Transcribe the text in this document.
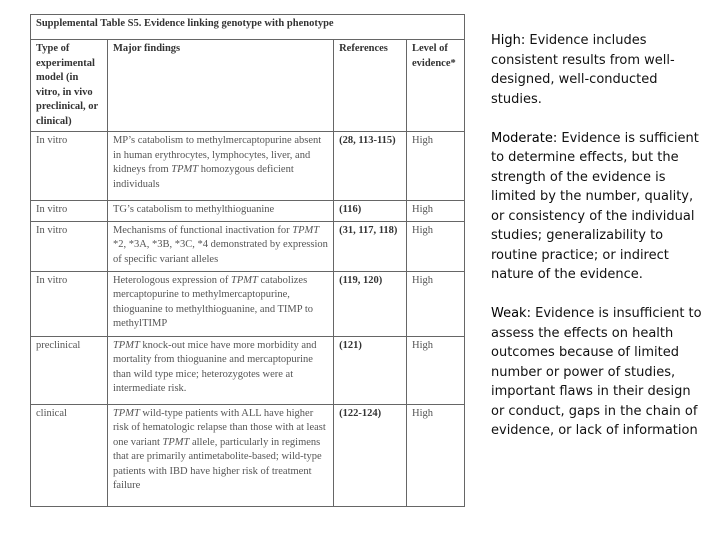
Supplemental Table S5. Evidence linking genotype with phenotype			
Type of experimental model (in vitro, in vivo preclinical, or clinical)	Major findings	References	Level of evidence*
In vitro	MP’s catabolism to methylmercaptopurine absent in human erythrocytes, lymphocytes, liver, and kidneys from TPMT homozygous deficient individuals	(28, 113-115)	High
In vitro	TG’s catabolism to methylthioguanine	(116)	High
In vitro	Mechanisms of functional inactivation for TPMT *2, *3A, *3B, *3C, *4 demonstrated by expression of specific variant alleles	(31, 117, 118)	High
In vitro	Heterologous expression of TPMT catabolizes mercaptopurine to methylmercaptopurine, thioguanine to methylthioguanine, and TIMP to methylTIMP	(119, 120)	High
preclinical	TPMT knock-out mice have more morbidity and mortality from thioguanine and mercaptopurine than wild type mice; heterozygotes were at intermediate risk.	(121)	High
clinical	TPMT wild-type patients with ALL have higher risk of hematologic relapse than those with at least one variant TPMT allele, particularly in regimens that are primarily antimetabolite-based; wild-type patients with IBD have higher risk of treatment failure	(122-124)	High

High: Evidence includes consistent results from well-designed, well-conducted studies.

Moderate: Evidence is sufficient to determine effects, but the strength of the evidence is limited by the number, quality, or consistency of the individual studies; generalizability to routine practice; or indirect nature of the evidence.

Weak: Evidence is insufficient to assess the effects on health outcomes because of limited number or power of studies, important flaws in their design or conduct, gaps in the chain of evidence, or lack of information
